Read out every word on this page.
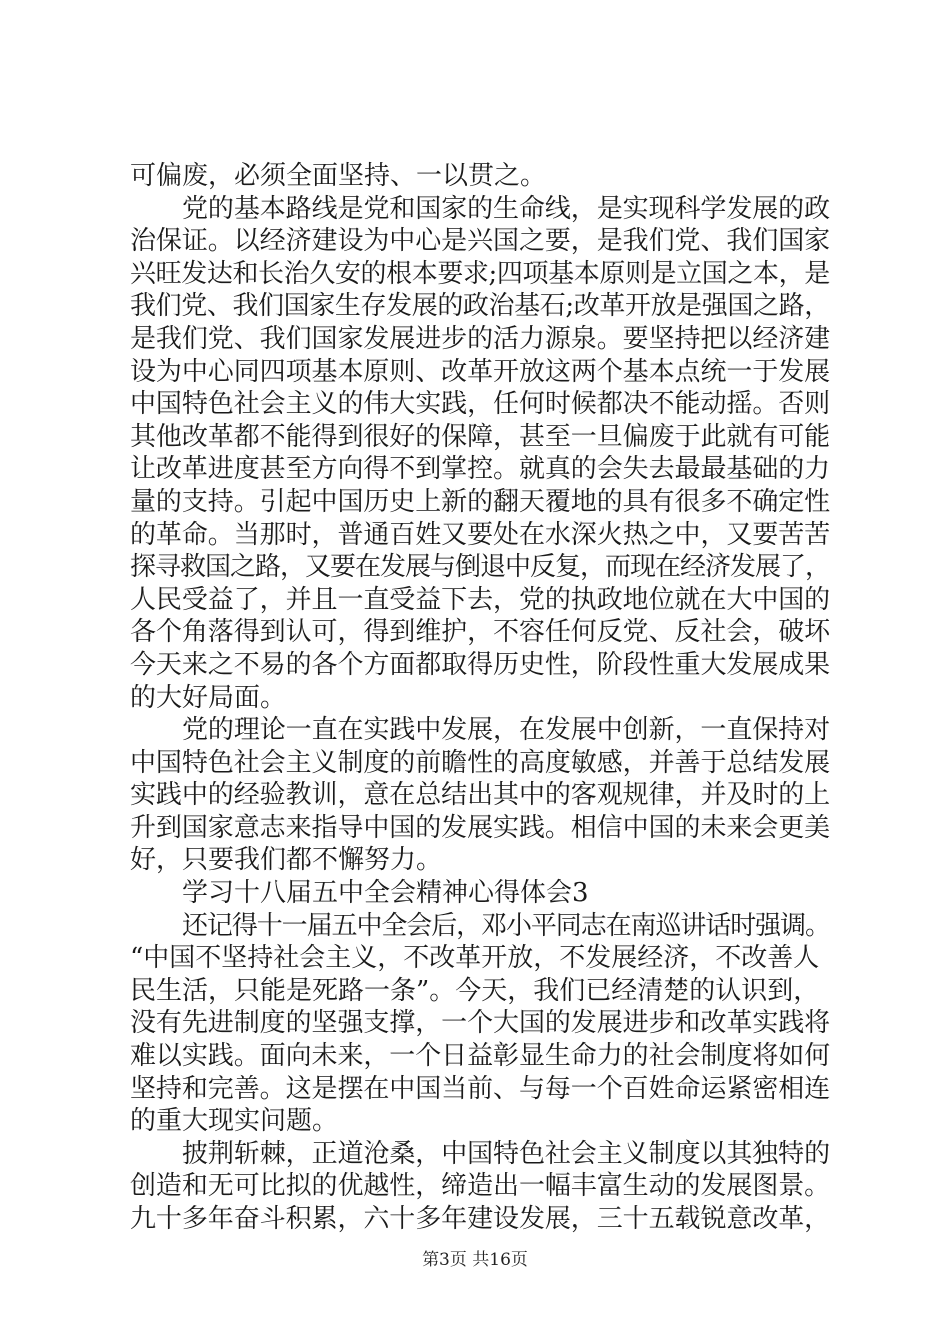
可偏废，必须全面坚持、一以贯之。
党的基本路线是党和国家的生命线，是实现科学发展的政
治保证。以经济建设为中心是兴国之要，是我们党、我们国家
兴旺发达和长治久安的根本要求;四项基本原则是立国之本，是
我们党、我们国家生存发展的政治基石;改革开放是强国之路，
是我们党、我们国家发展进步的活力源泉。要坚持把以经济建
设为中心同四项基本原则、改革开放这两个基本点统一于发展
中国特色社会主义的伟大实践，任何时候都决不能动摇。否则
其他改革都不能得到很好的保障，甚至一旦偏废于此就有可能
让改革进度甚至方向得不到掌控。就真的会失去最最基础的力
量的支持。引起中国历史上新的翻天覆地的具有很多不确定性
的革命。当那时，普通百姓又要处在水深火热之中，又要苦苦
探寻救国之路，又要在发展与倒退中反复，而现在经济发展了，
人民受益了，并且一直受益下去，党的执政地位就在大中国的
各个角落得到认可，得到维护，不容任何反党、反社会，破坏
今天来之不易的各个方面都取得历史性，阶段性重大发展成果
的大好局面。
党的理论一直在实践中发展，在发展中创新，一直保持对
中国特色社会主义制度的前瞻性的高度敏感，并善于总结发展
实践中的经验教训，意在总结出其中的客观规律，并及时的上
升到国家意志来指导中国的发展实践。相信中国的未来会更美
好，只要我们都不懈努力。
学习十八届五中全会精神心得体会3
还记得十一届五中全会后，邓小平同志在南巡讲话时强调。
“中国不坚持社会主义，不改革开放，不发展经济，不改善人
民生活，只能是死路一条”。今天，我们已经清楚的认识到，
没有先进制度的坚强支撑，一个大国的发展进步和改革实践将
难以实践。面向未来，一个日益彰显生命力的社会制度将如何
坚持和完善。这是摆在中国当前、与每一个百姓命运紧密相连
的重大现实问题。
披荆斩棘，正道沧桑，中国特色社会主义制度以其独特的
创造和无可比拟的优越性，缔造出一幅丰富生动的发展图景。
九十多年奋斗积累，六十多年建设发展，三十五载锐意改革，
第3页 共16页
